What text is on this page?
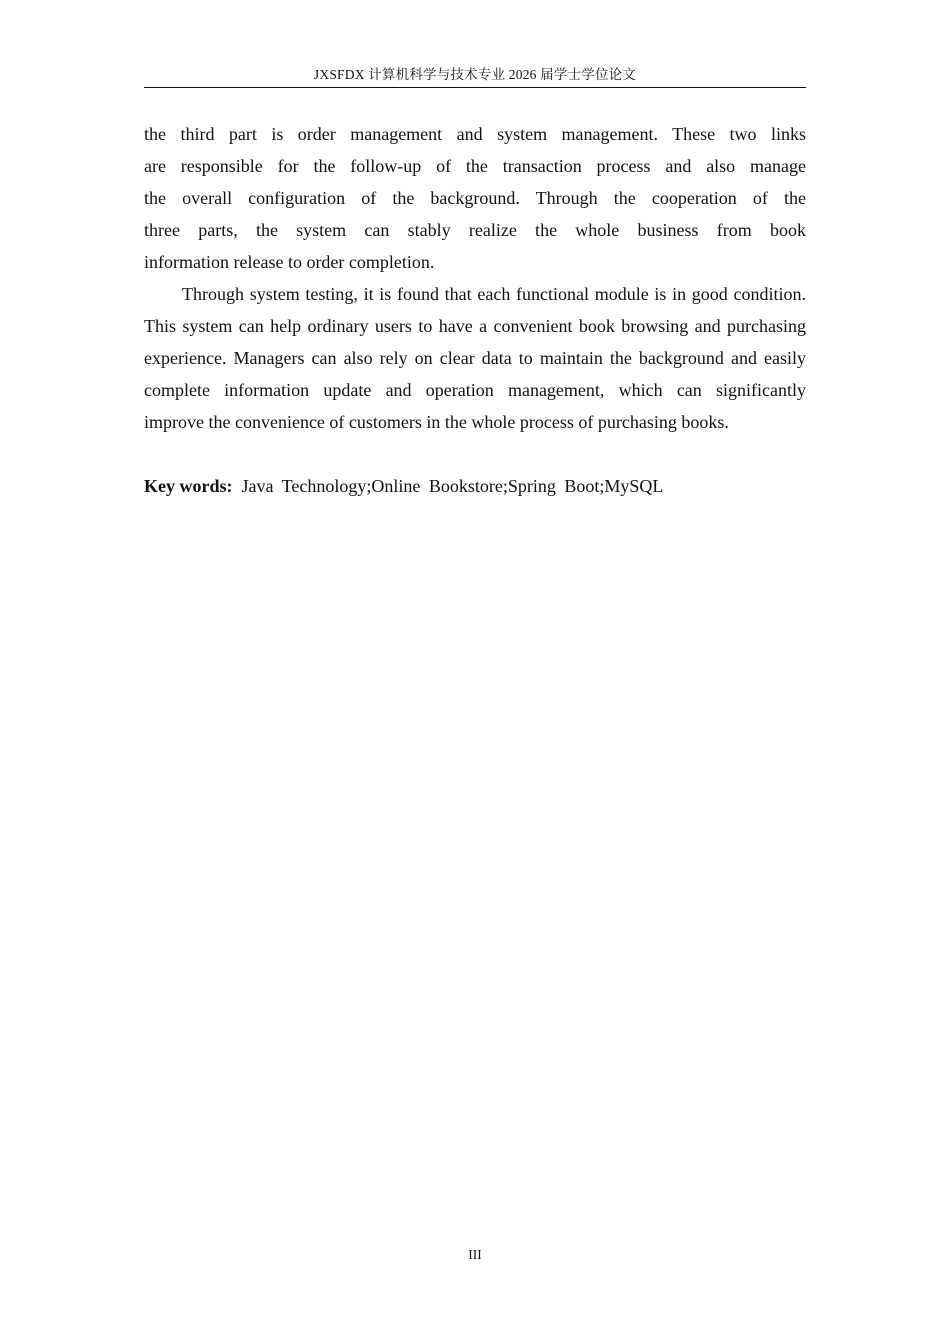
JXSFDX 计算机科学与技术专业 2026 届学士学位论文

the third part is order management and system management. These two links
are responsible for the follow-up of the transaction process and also manage
the overall configuration of the background. Through the cooperation of the
three parts, the system can stably realize the whole business from book
information release to order completion.

Through system testing, it is found that each functional module is in good condition.
This system can help ordinary users to have a convenient book browsing and purchasing
experience. Managers can also rely on clear data to maintain the background and easily
complete information update and operation management, which can significantly
improve the convenience of customers in the whole process of purchasing books.

Key words: Java Technology;Online Bookstore;Spring Boot;MySQL
III
